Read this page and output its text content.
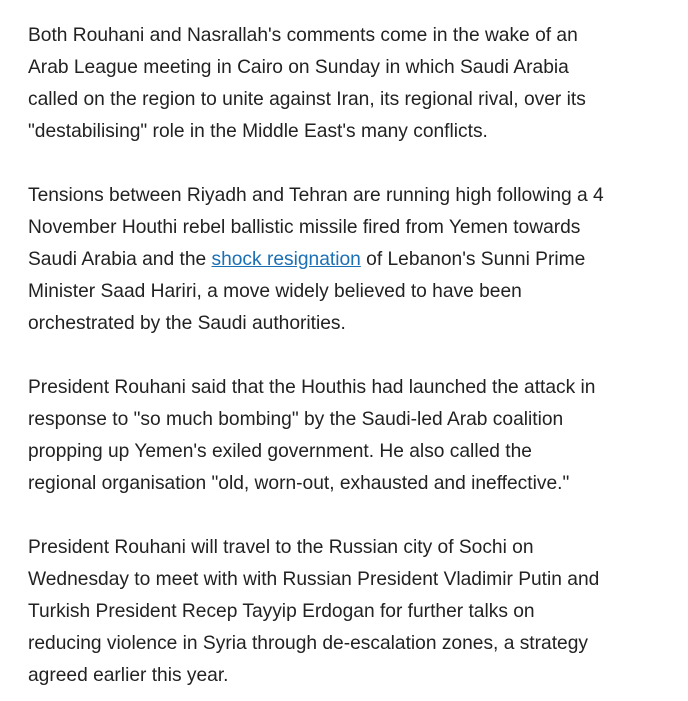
Both Rouhani and Nasrallah's comments come in the wake of an
Arab League meeting in Cairo on Sunday in which Saudi Arabia
called on the region to unite against Iran, its regional rival, over its
"destabilising" role in the Middle East's many conflicts.

Tensions between Riyadh and Tehran are running high following a 4
November Houthi rebel ballistic missile fired from Yemen towards
Saudi Arabia and the shock resignation of Lebanon's Sunni Prime
Minister Saad Hariri, a move widely believed to have been
orchestrated by the Saudi authorities.

President Rouhani said that the Houthis had launched the attack in
response to "so much bombing" by the Saudi-led Arab coalition
propping up Yemen's exiled government. He also called the
regional organisation "old, worn-out, exhausted and ineffective."

President Rouhani will travel to the Russian city of Sochi on
Wednesday to meet with with Russian President Vladimir Putin and
Turkish President Recep Tayyip Erdogan for further talks on
reducing violence in Syria through de-escalation zones, a strategy
agreed earlier this year.
